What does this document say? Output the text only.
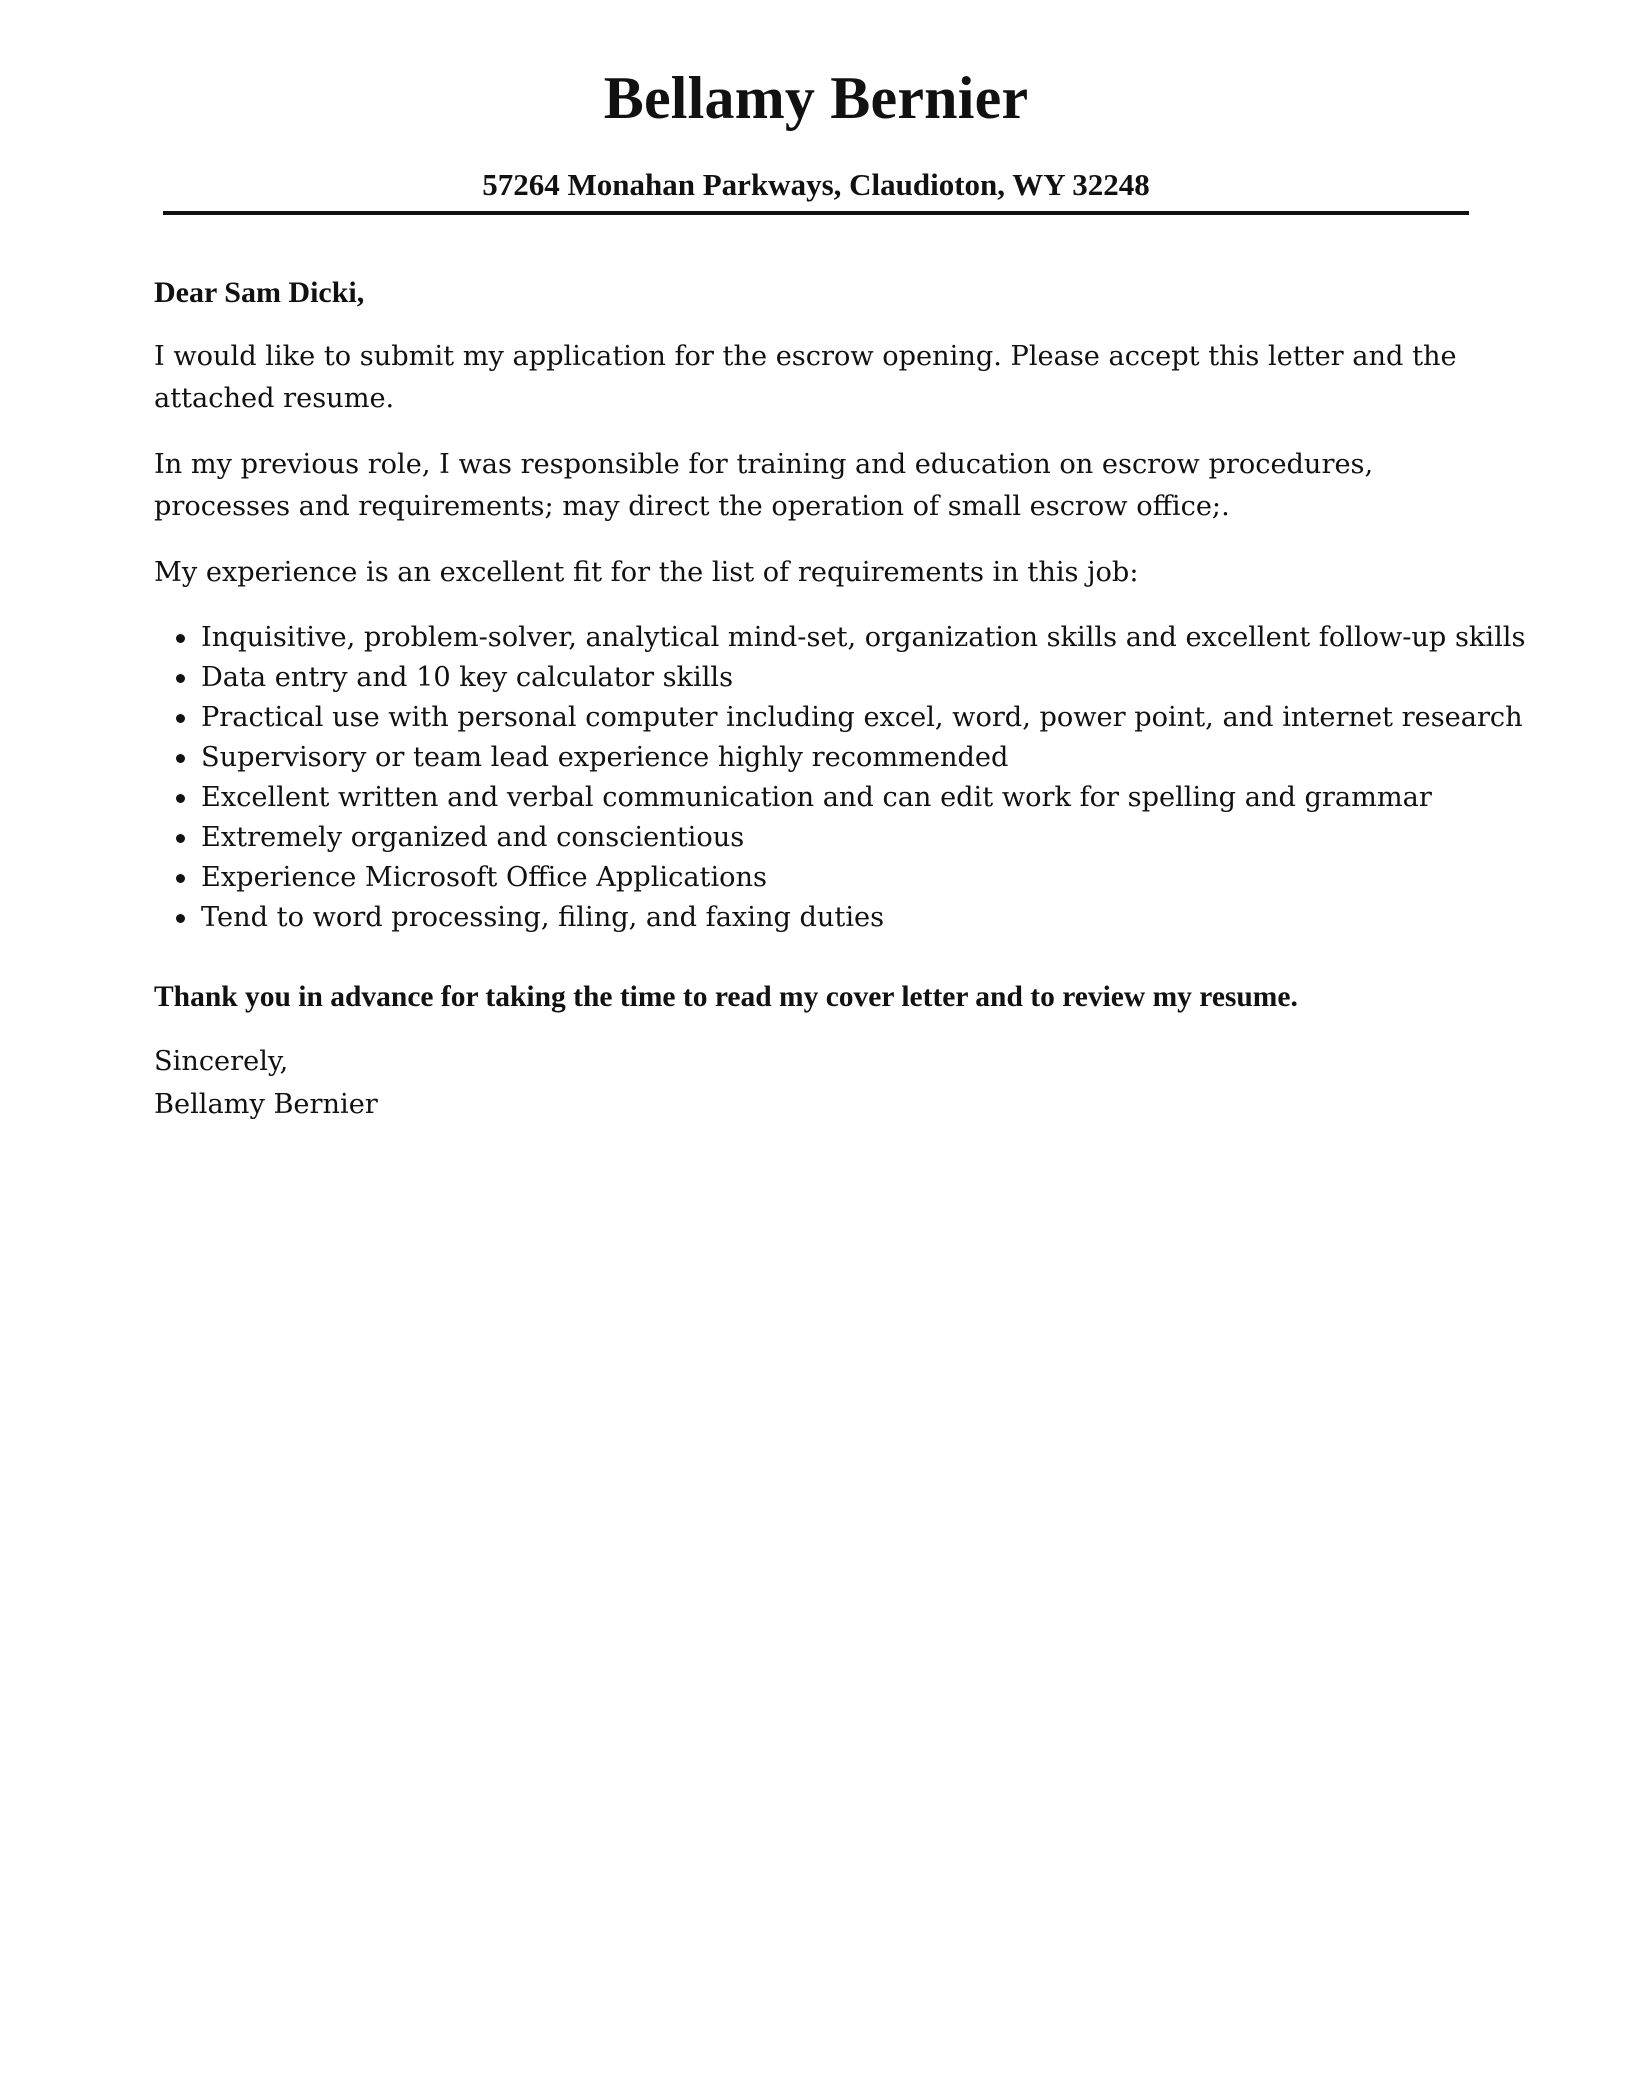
Bellamy Bernier
57264 Monahan Parkways, Claudioton, WY 32248
Dear Sam Dicki,

I would like to submit my application for the escrow opening. Please accept this letter and the attached resume.

In my previous role, I was responsible for training and education on escrow procedures, processes and requirements; may direct the operation of small escrow office;.

My experience is an excellent fit for the list of requirements in this job:

Inquisitive, problem-solver, analytical mind-set, organization skills and excellent follow-up skills
Data entry and 10 key calculator skills
Practical use with personal computer including excel, word, power point, and internet research
Supervisory or team lead experience highly recommended
Excellent written and verbal communication and can edit work for spelling and grammar
Extremely organized and conscientious
Experience Microsoft Office Applications
Tend to word processing, filing, and faxing duties
Thank you in advance for taking the time to read my cover letter and to review my resume.
Sincerely,
Bellamy Bernier
